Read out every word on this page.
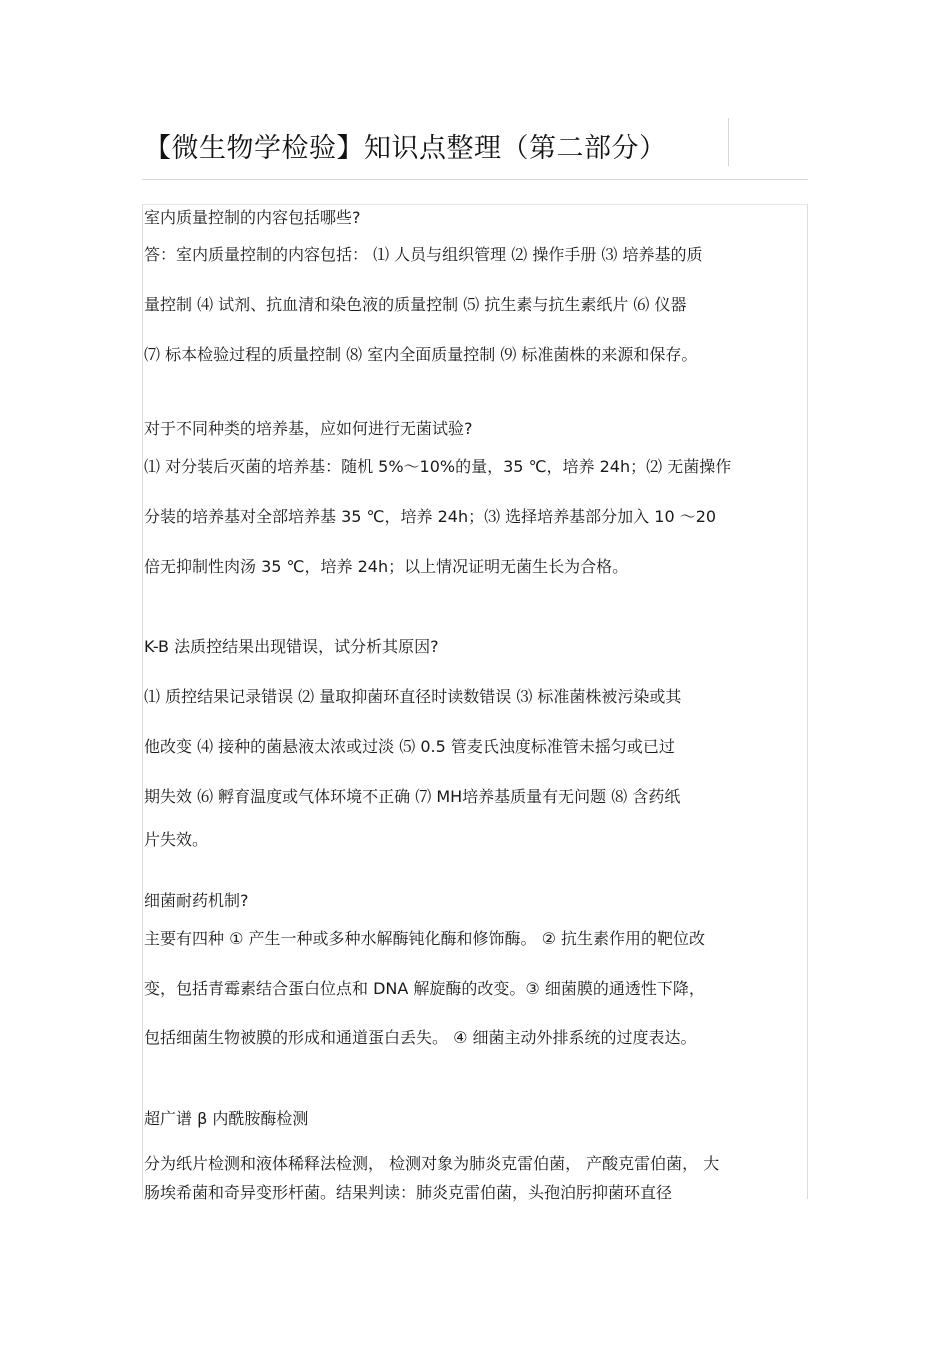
【微生物学检验】知识点整理（第二部分）
室内质量控制的内容包括哪些?
答：室内质量控制的内容包括： ⑴ 人员与组织管理 ⑵ 操作手册 ⑶ 培养基的质
量控制 ⑷ 试剂、抗血清和染色液的质量控制 ⑸ 抗生素与抗生素纸片 ⑹ 仪器
⑺ 标本检验过程的质量控制 ⑻ 室内全面质量控制 ⑼ 标准菌株的来源和保存。
对于不同种类的培养基，应如何进行无菌试验?
⑴ 对分装后灭菌的培养基：随机 5%～10%的量，35 ℃，培养 24h；⑵ 无菌操作
分装的培养基对全部培养基 35 ℃，培养 24h；⑶ 选择培养基部分加入 10 ～20
倍无抑制性肉汤 35 ℃，培养 24h；以上情况证明无菌生长为合格。
K-B 法质控结果出现错误，试分析其原因?
⑴ 质控结果记录错误 ⑵ 量取抑菌环直径时读数错误 ⑶ 标准菌株被污染或其
他改变 ⑷ 接种的菌悬液太浓或过淡 ⑸ 0.5 管麦氏浊度标准管未摇匀或已过
期失效 ⑹ 孵育温度或气体环境不正确 ⑺ MH培养基质量有无问题 ⑻ 含药纸
片失效。
细菌耐药机制?
主要有四种 ① 产生一种或多种水解酶钝化酶和修饰酶。 ② 抗生素作用的靶位改
变，包括青霉素结合蛋白位点和 DNA 解旋酶的改变。③ 细菌膜的通透性下降，
包括细菌生物被膜的形成和通道蛋白丢失。 ④ 细菌主动外排系统的过度表达。
超广谱 β 内酰胺酶检测
分为纸片检测和液体稀释法检测， 检测对象为肺炎克雷伯菌， 产酸克雷伯菌， 大
肠埃希菌和奇异变形杆菌。结果判读：肺炎克雷伯菌，头孢泊肟抑菌环直径
